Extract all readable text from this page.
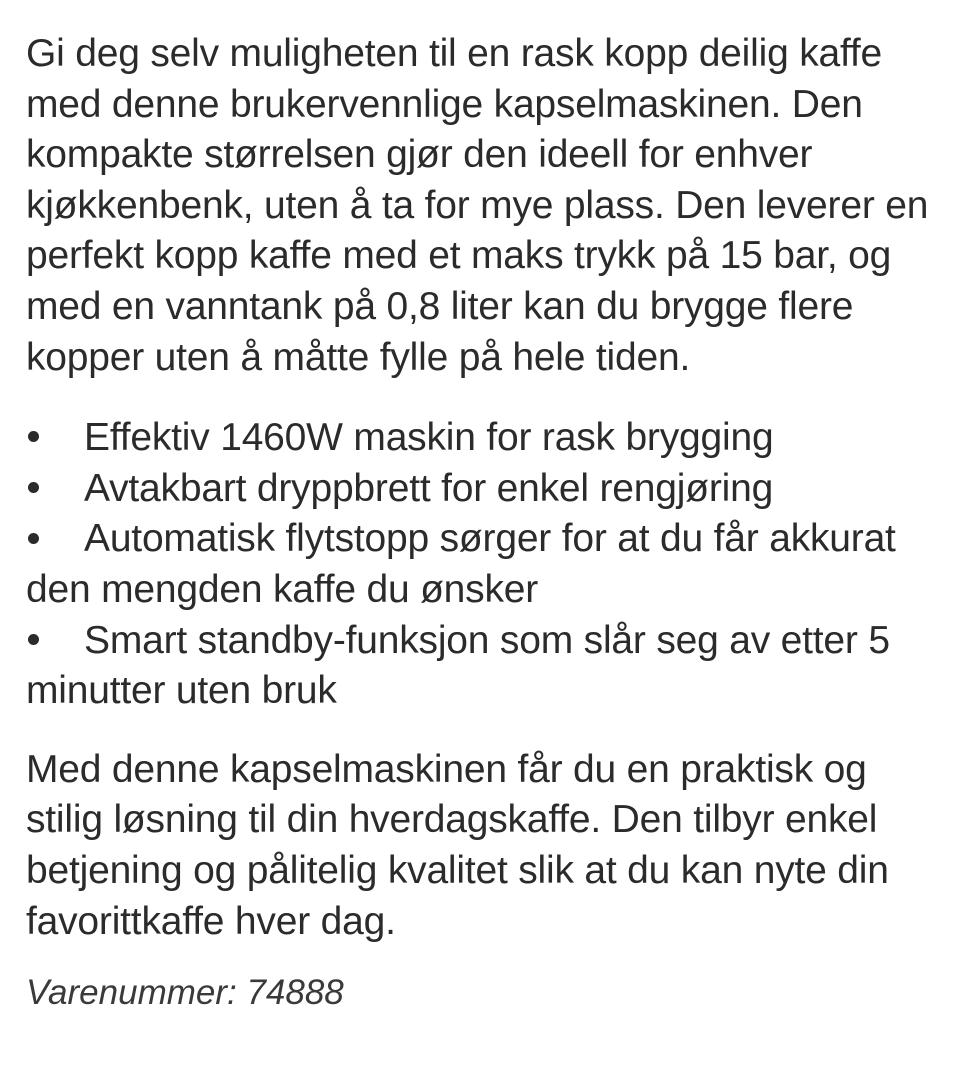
Gi deg selv muligheten til en rask kopp deilig kaffe med denne brukervennlige kapselmaskinen. Den kompakte størrelsen gjør den ideell for enhver kjøkkenbenk, uten å ta for mye plass. Den leverer en perfekt kopp kaffe med et maks trykk på 15 bar, og med en vanntank på 0,8 liter kan du brygge flere kopper uten å måtte fylle på hele tiden.

Effektiv 1460W maskin for rask brygging
Avtakbart dryppbrett for enkel rengjøring
Automatisk flytstopp sørger for at du får akkurat den mengden kaffe du ønsker
Smart standby-funksjon som slår seg av etter 5 minutter uten bruk

Med denne kapselmaskinen får du en praktisk og stilig løsning til din hverdagskaffe. Den tilbyr enkel betjening og pålitelig kvalitet slik at du kan nyte din favorittkaffe hver dag.

Varenummer: 74888
